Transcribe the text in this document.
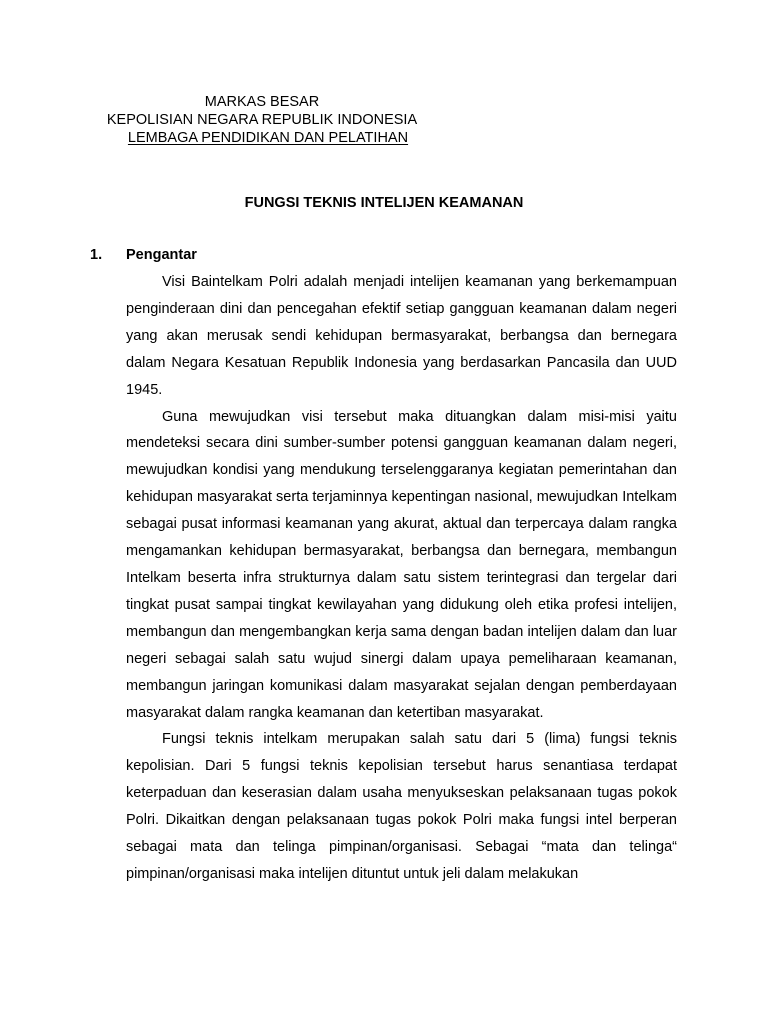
MARKAS BESAR
KEPOLISIAN NEGARA REPUBLIK INDONESIA
LEMBAGA PENDIDIKAN DAN PELATIHAN
FUNGSI TEKNIS INTELIJEN KEAMANAN
1. Pengantar

Visi Baintelkam Polri adalah menjadi intelijen keamanan yang berkemampuan penginderaan dini dan pencegahan efektif setiap gangguan keamanan dalam negeri yang akan merusak sendi kehidupan bermasyarakat, berbangsa dan bernegara dalam Negara Kesatuan Republik Indonesia yang berdasarkan Pancasila dan UUD 1945.

Guna mewujudkan visi tersebut maka dituangkan dalam misi-misi yaitu mendeteksi secara dini sumber-sumber potensi gangguan keamanan dalam negeri, mewujudkan kondisi yang mendukung terselenggaranya kegiatan pemerintahan dan kehidupan masyarakat serta terjaminnya kepentingan nasional, mewujudkan Intelkam sebagai pusat informasi keamanan yang akurat, aktual dan terpercaya dalam rangka mengamankan kehidupan bermasyarakat, berbangsa dan bernegara, membangun Intelkam beserta infra strukturnya dalam satu sistem terintegrasi dan tergelar dari tingkat pusat sampai tingkat kewilayahan yang didukung oleh etika profesi intelijen, membangun dan mengembangkan kerja sama dengan badan intelijen dalam dan luar negeri sebagai salah satu wujud sinergi dalam upaya pemeliharaan keamanan, membangun jaringan komunikasi dalam masyarakat sejalan dengan pemberdayaan masyarakat dalam rangka keamanan dan ketertiban masyarakat.

Fungsi teknis intelkam merupakan salah satu dari 5 (lima) fungsi teknis kepolisian. Dari 5 fungsi teknis kepolisian tersebut harus senantiasa terdapat keterpaduan dan keserasian dalam usaha menyukseskan pelaksanaan tugas pokok Polri. Dikaitkan dengan pelaksanaan tugas pokok Polri maka fungsi intel berperan sebagai mata dan telinga pimpinan/organisasi. Sebagai “mata dan telinga“ pimpinan/organisasi maka intelijen dituntut untuk jeli dalam melakukan
